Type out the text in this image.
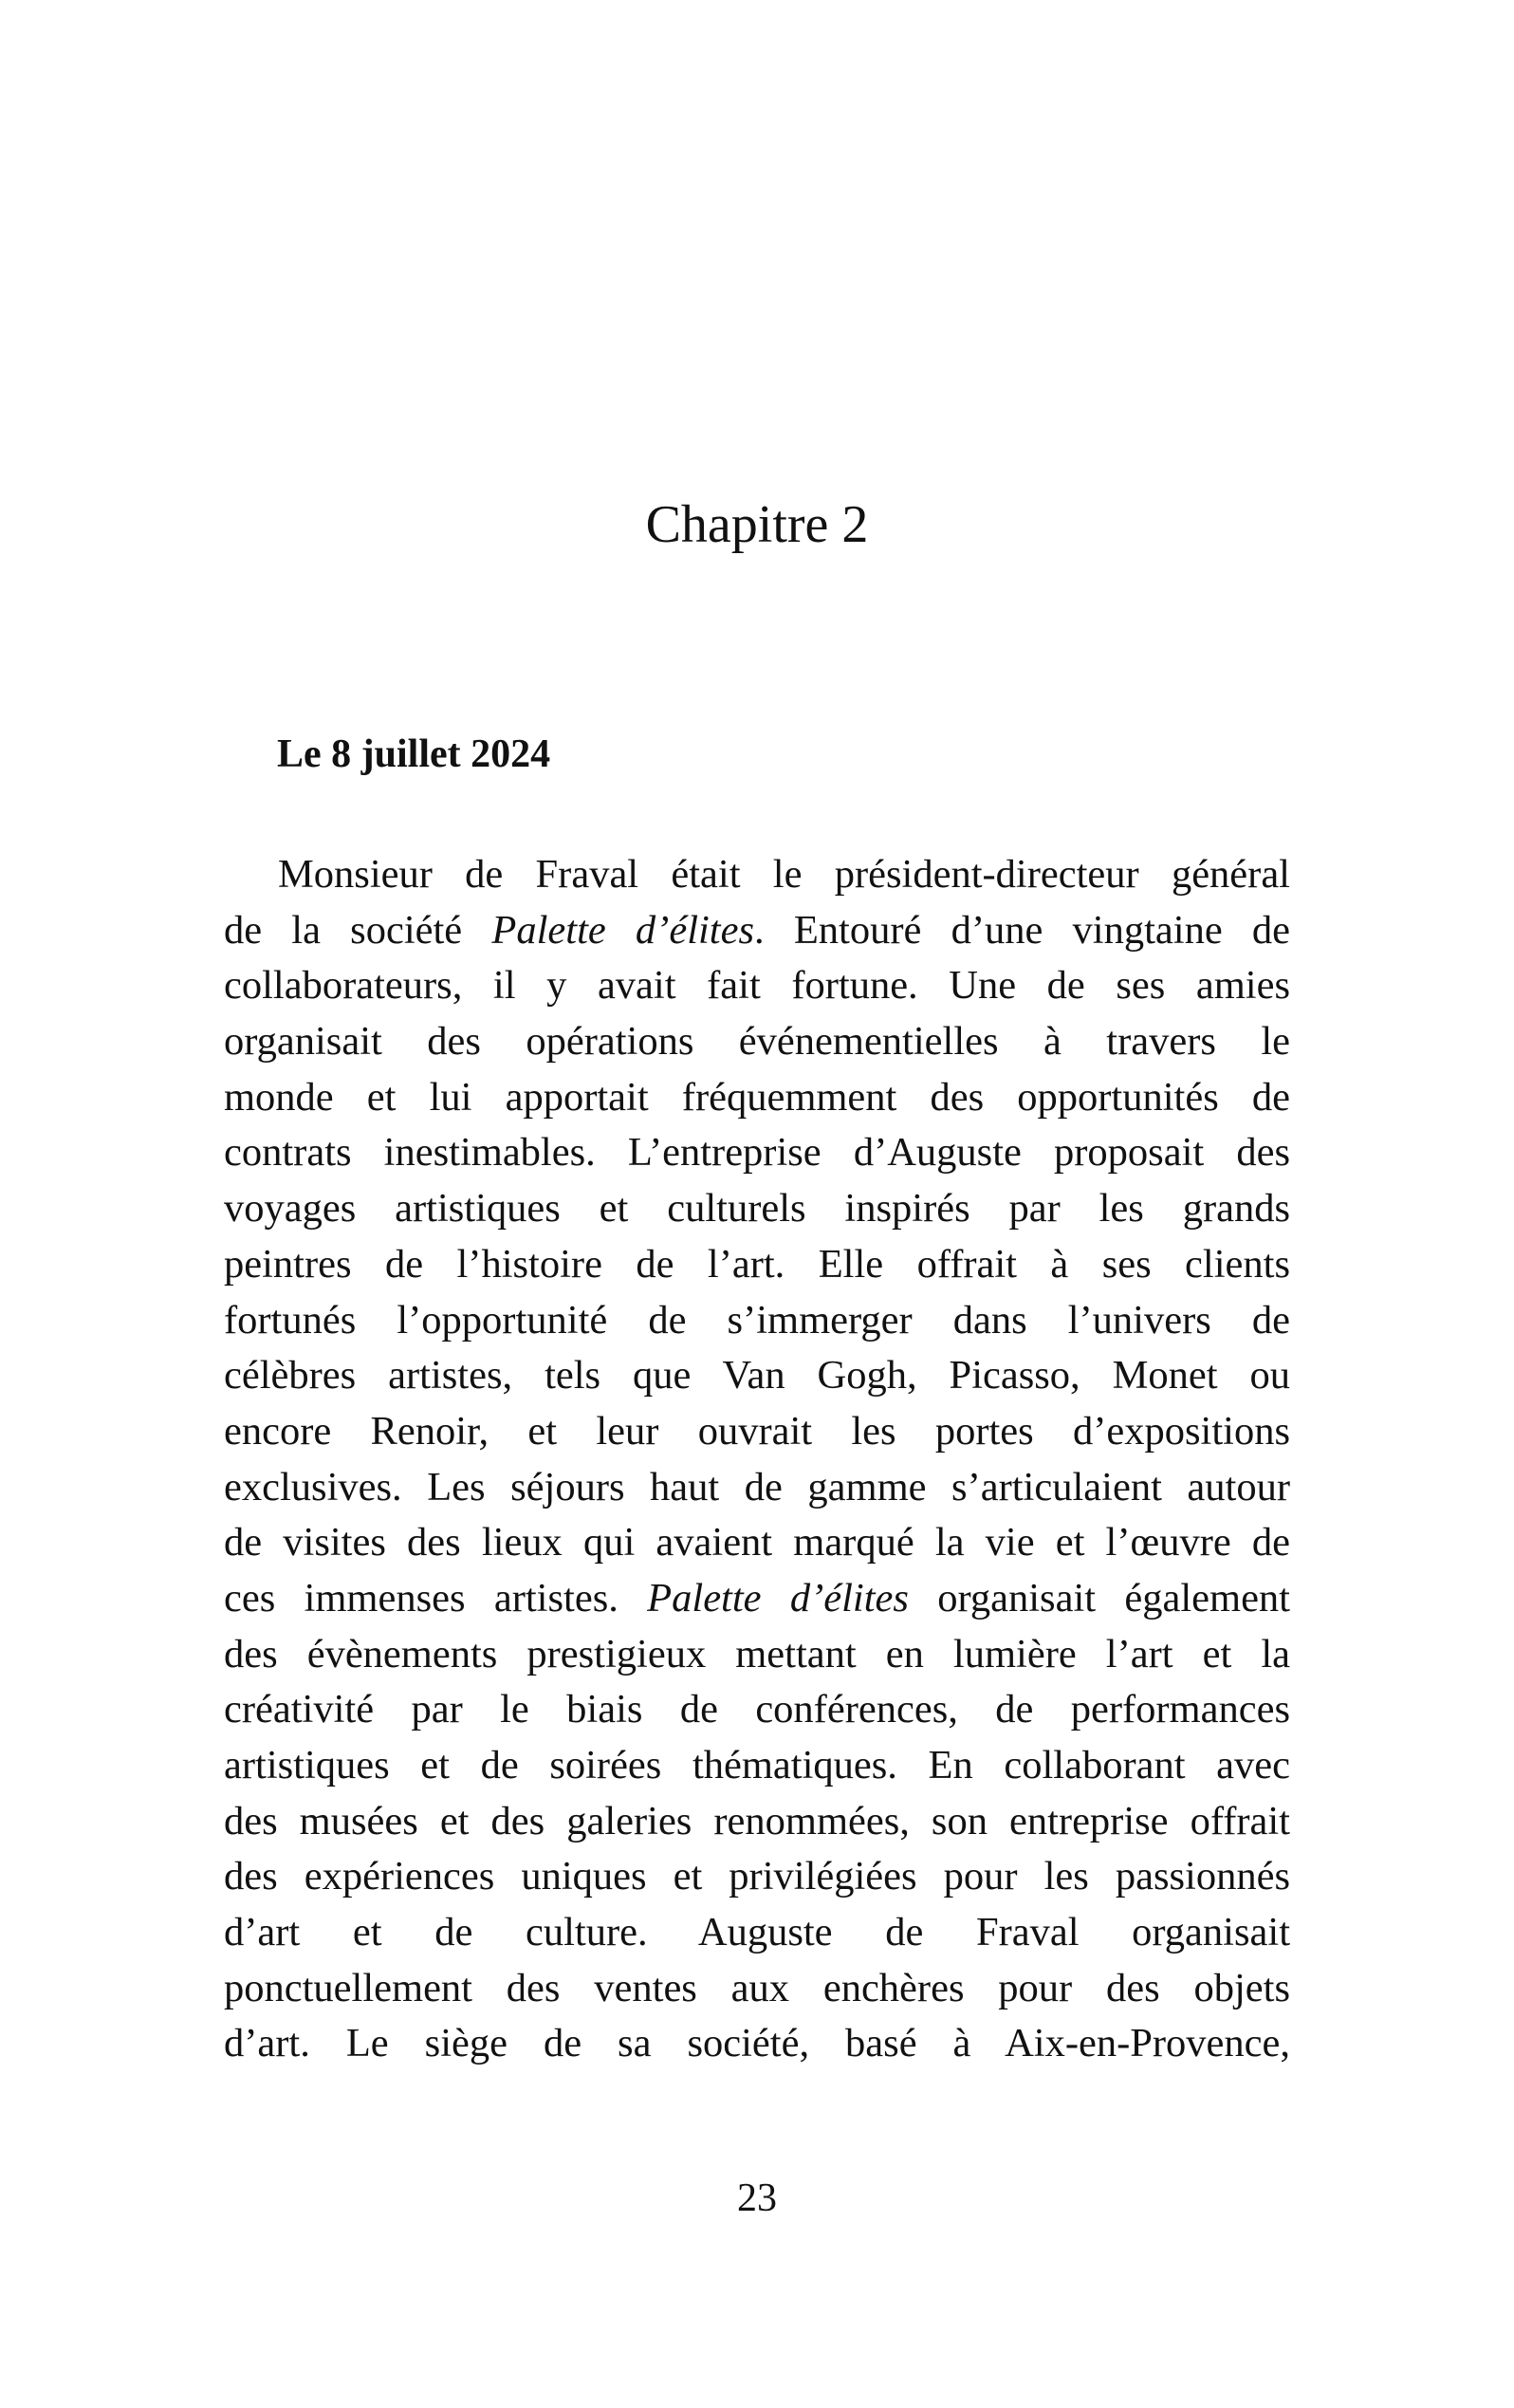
Chapitre 2
Le 8 juillet 2024
Monsieur de Fraval était le président-directeur général
de la société Palette d’élites. Entouré d’une vingtaine de
collaborateurs, il y avait fait fortune. Une de ses amies
organisait des opérations événementielles à travers le
monde et lui apportait fréquemment des opportunités de
contrats inestimables. L’entreprise d’Auguste proposait des
voyages artistiques et culturels inspirés par les grands
peintres de l’histoire de l’art. Elle offrait à ses clients
fortunés l’opportunité de s’immerger dans l’univers de
célèbres artistes, tels que Van Gogh, Picasso, Monet ou
encore Renoir, et leur ouvrait les portes d’expositions
exclusives. Les séjours haut de gamme s’articulaient autour
de visites des lieux qui avaient marqué la vie et l’œuvre de
ces immenses artistes. Palette d’élites organisait également
des évènements prestigieux mettant en lumière l’art et la
créativité par le biais de conférences, de performances
artistiques et de soirées thématiques. En collaborant avec
des musées et des galeries renommées, son entreprise offrait
des expériences uniques et privilégiées pour les passionnés
d’art et de culture. Auguste de Fraval organisait
ponctuellement des ventes aux enchères pour des objets
d’art. Le siège de sa société, basé à Aix-en-Provence,
23
